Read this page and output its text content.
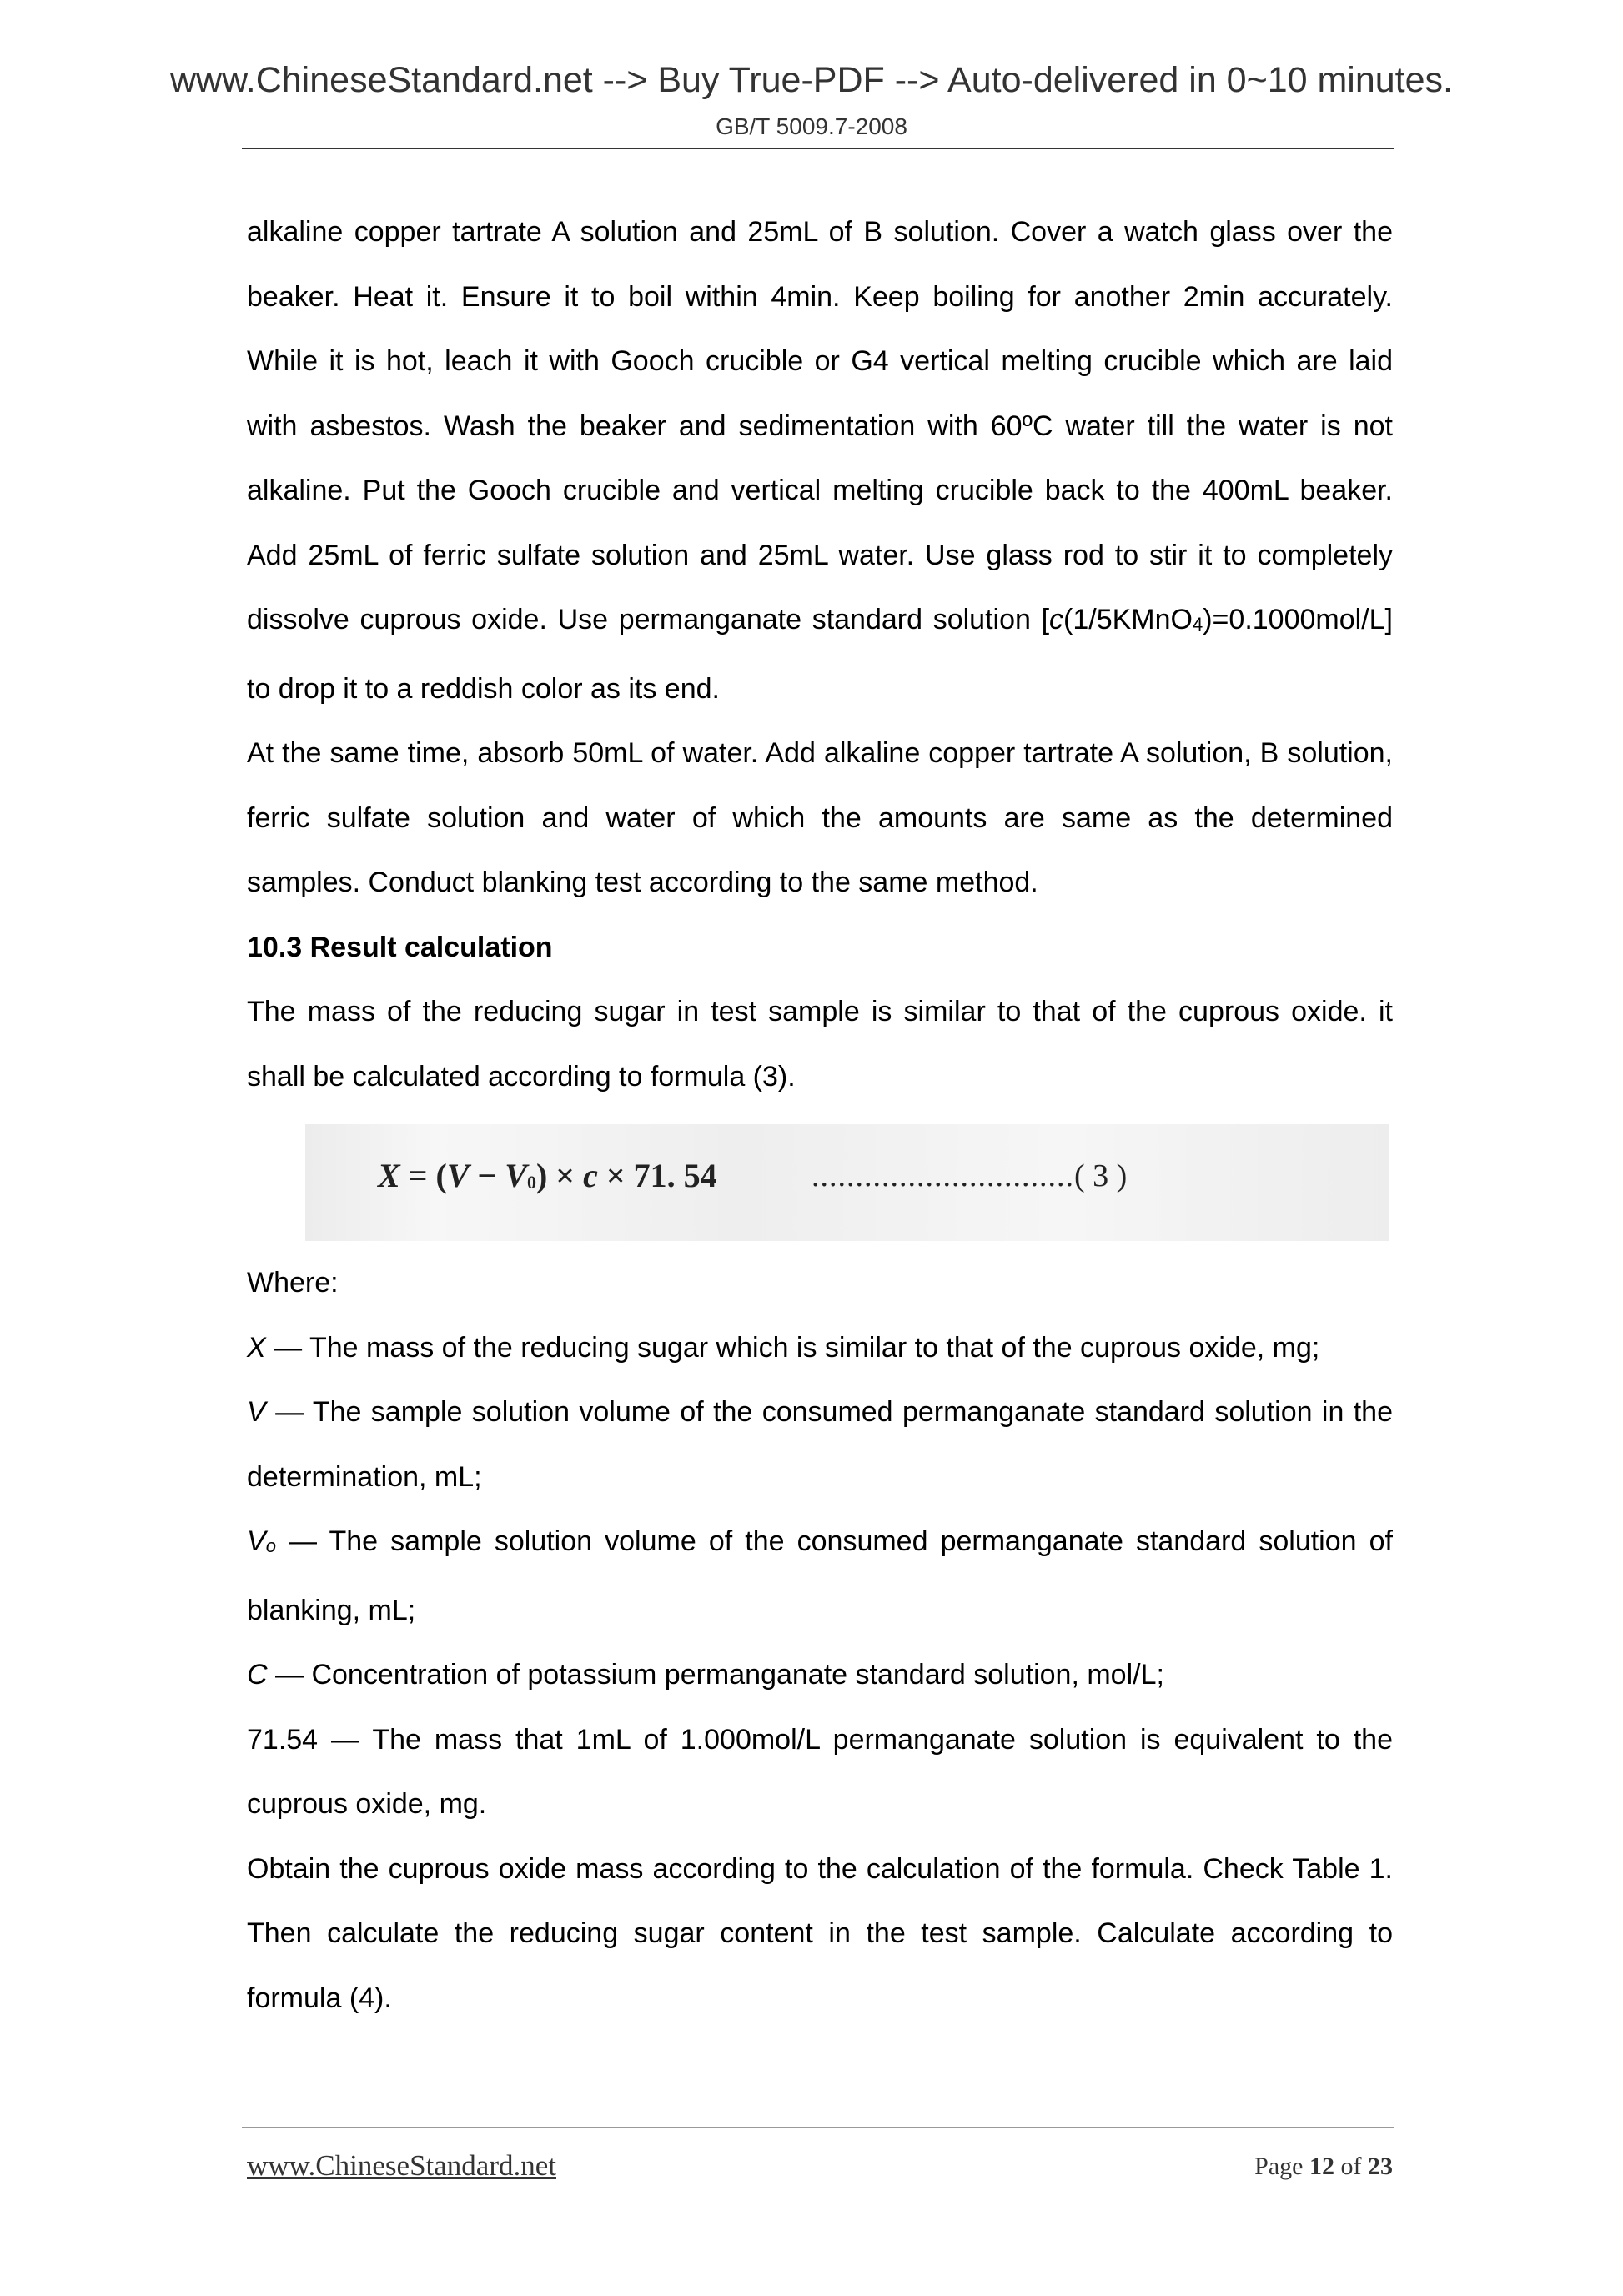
www.ChineseStandard.net --> Buy True-PDF --> Auto-delivered in 0~10 minutes.
GB/T 5009.7-2008

alkaline copper tartrate A solution and 25mL of B solution. Cover a watch glass over the

beaker. Heat it. Ensure it to boil within 4min. Keep boiling for another 2min accurately.

While it is hot, leach it with Gooch crucible or G4 vertical melting crucible which are laid

with asbestos. Wash the beaker and sedimentation with 60ºC water till the water is not

alkaline. Put the Gooch crucible and vertical melting crucible back to the 400mL beaker.

Add 25mL of ferric sulfate solution and 25mL water. Use glass rod to stir it to completely

dissolve cuprous oxide. Use permanganate standard solution [c(1/5KMnO4)=0.1000mol/L]

to drop it to a reddish color as its end.

At the same time, absorb 50mL of water. Add alkaline copper tartrate A solution, B solution,

ferric sulfate solution and water of which the amounts are same as the determined

samples. Conduct blanking test according to the same method.

10.3 Result calculation

The mass of the reducing sugar in test sample is similar to that of the cuprous oxide. it

shall be calculated according to formula (3).

X = (V − V0) × c × 71. 54	..............................( 3 )

Where:

X — The mass of the reducing sugar which is similar to that of the cuprous oxide, mg;

V — The sample solution volume of the consumed permanganate standard solution in the

determination, mL;

Vo — The sample solution volume of the consumed permanganate standard solution of

blanking, mL;

C — Concentration of potassium permanganate standard solution, mol/L;

71.54 — The mass that 1mL of 1.000mol/L permanganate solution is equivalent to the

cuprous oxide, mg.

Obtain the cuprous oxide mass according to the calculation of the formula. Check Table 1.

Then calculate the reducing sugar content in the test sample. Calculate according to

formula (4).

www.ChineseStandard.net	Page 12 of 23
